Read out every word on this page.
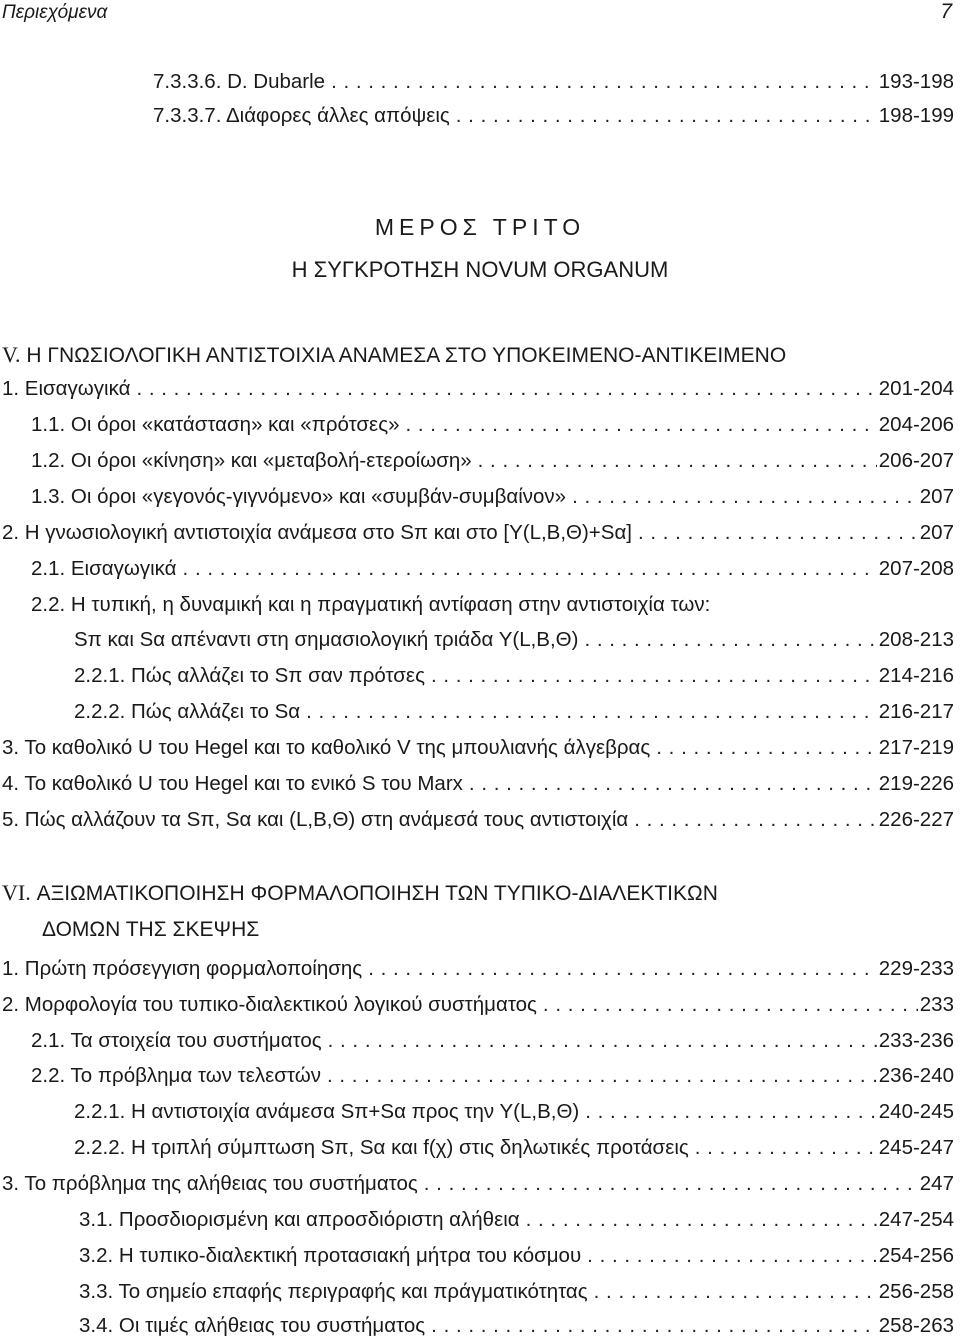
Περιεχόμενα	7
7.3.3.6. D. Dubarle . . .	193-198
7.3.3.7. Διάφορες άλλες απόψεις . . .	198-199
ΜΕΡΟΣ ΤΡΙΤΟ
Η ΣΥΓΚΡΟΤΗΣΗ NOVUM ORGANUM
V. Η ΓΝΩΣΙΟΛΟΓΙΚΗ ΑΝΤΙΣΤΟΙΧΙΑ ΑΝΑΜΕΣΑ ΣΤΟ ΥΠΟΚΕΙΜΕΝΟ-ΑΝΤΙΚΕΙΜΕΝΟ
1. Εισαγωγικά . . .	201-204
1.1. Οι όροι «κατάσταση» και «πρότσες» . . .	204-206
1.2. Οι όροι «κίνηση» και «μεταβολή-ετεροίωση» . . .	206-207
1.3. Οι όροι «γεγονός-γιγνόμενο» και «συμβάν-συμβαίνον» . . .	207
2. Η γνωσιολογική αντιστοιχία ανάμεσα στο Sπ και στο [Υ(L,B,Θ)+Sα] . . .	207
2.1. Εισαγωγικά . . .	207-208
2.2. Η τυπική, η δυναμική και η πραγματική αντίφαση στην αντιστοιχία των:
Sπ και Sα απέναντι στη σημασιολογική τριάδα Υ(L,B,Θ) . . .	208-213
2.2.1. Πώς αλλάζει το Sπ σαν πρότσες . . .	214-216
2.2.2. Πώς αλλάζει το Sα . . .	216-217
3. Το καθολικό U του Hegel και το καθολικό V της μπουλιανής άλγεβρας . . .	217-219
4. Το καθολικό U του Hegel και το ενικό S του Marx . . .	219-226
5. Πώς αλλάζουν τα Sπ, Sα και (L,B,Θ) στη ανάμεσά τους αντιστοιχία . . .	226-227
VI. ΑΞΙΩΜΑΤΙΚΟΠΟΙΗΣΗ ΦΟΡΜΑΛΟΠΟΙΗΣΗ ΤΩΝ ΤΥΠΙΚΟ-ΔΙΑΛΕΚΤΙΚΩΝ
ΔΟΜΩΝ ΤΗΣ ΣΚΕΨΗΣ
1. Πρώτη πρόσεγγιση φορμαλοποίησης . . .	229-233
2. Μορφολογία του τυπικο-διαλεκτικού λογικού συστήματος . . .	233
2.1. Τα στοιχεία του συστήματος . . .	233-236
2.2. Το πρόβλημα των τελεστών . . .	236-240
2.2.1. Η αντιστοιχία ανάμεσα Sπ+Sα προς την Υ(L,B,Θ) . . .	240-245
2.2.2. Η τριπλή σύμπτωση Sπ, Sα και f(χ) στις δηλωτικές προτάσεις . . .	245-247
3. Το πρόβλημα της αλήθειας του συστήματος . . .	247
3.1. Προσδιορισμένη και απροσδιόριστη αλήθεια . . .	247-254
3.2. Η τυπικο-διαλεκτική προτασιακή μήτρα του κόσμου . . .	254-256
3.3. Το σημείο επαφής περιγραφής και πράγματικότητας . . .	256-258
3.4. Οι τιμές αλήθειας του συστήματος . . .	258-263
